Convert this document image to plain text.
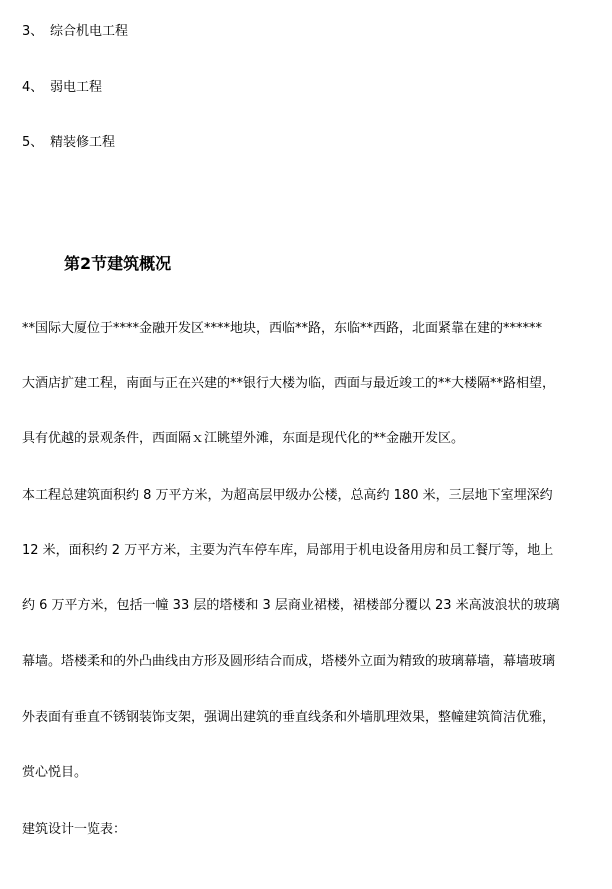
3、 综合机电工程
4、 弱电工程
5、 精装修工程
第2节建筑概况
**国际大厦位于****金融开发区****地块，西临**路，东临**西路，北面紧靠在建的******
大酒店扩建工程，南面与正在兴建的**银行大楼为临，西面与最近竣工的**大楼隔**路相望，
具有优越的景观条件，西面隔ｘ江眺望外滩，东面是现代化的**金融开发区。
本工程总建筑面积约 8 万平方米，为超高层甲级办公楼，总高约 180 米，三层地下室埋深约
12 米，面积约 2 万平方米，主要为汽车停车库，局部用于机电设备用房和员工餐厅等，地上
约 6 万平方米，包括一幢 33 层的塔楼和 3 层商业裙楼，裙楼部分覆以 23 米高波浪状的玻璃
幕墙。塔楼柔和的外凸曲线由方形及圆形结合而成，塔楼外立面为精致的玻璃幕墙，幕墙玻璃
外表面有垂直不锈钢装饰支架，强调出建筑的垂直线条和外墙肌理效果，整幢建筑简洁优雅，
赏心悦目。
建筑设计一览表：
